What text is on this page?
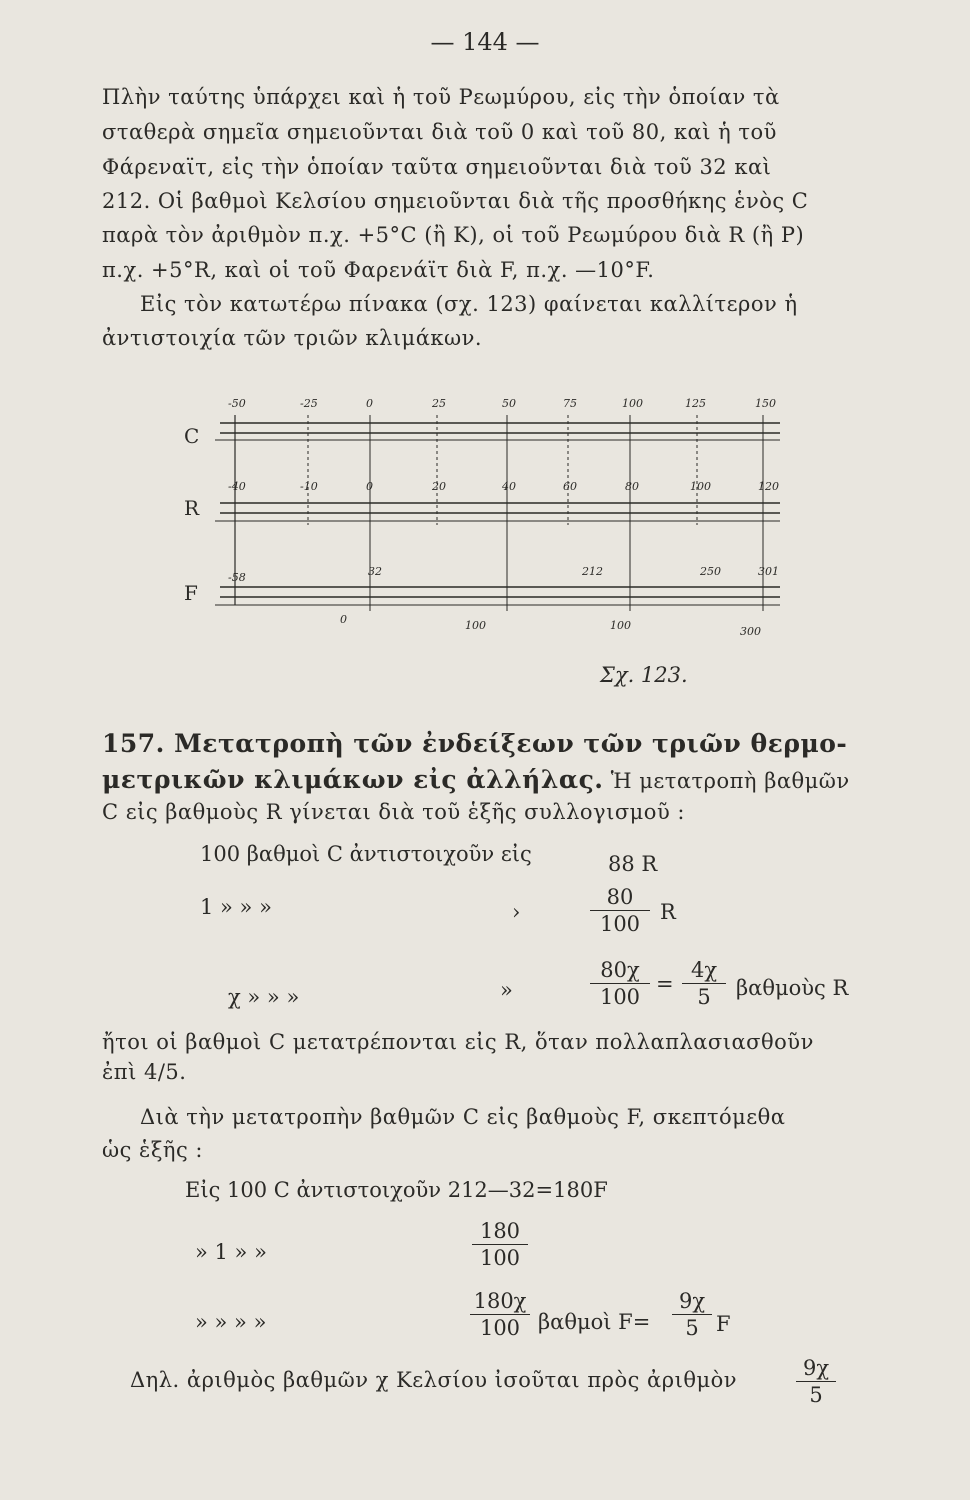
— 144 —
Πλὴν ταύτης ὑπάρχει καὶ ἡ τοῦ Ρεωμύρου, εἰς τὴν ὁποίαν τὰ
σταθερὰ σημεῖα σημειοῦνται διὰ τοῦ 0 καὶ τοῦ 80, καὶ ἡ τοῦ
Φάρεναϊτ, εἰς τὴν ὁποίαν ταῦτα σημειοῦνται διὰ τοῦ 32 καὶ
212. Οἱ βαθμοὶ Κελσίου σημειοῦνται διὰ τῆς προσθήκης ἑνὸς C
παρὰ τὸν ἀριθμὸν π.χ. +5°C (ἢ K), οἱ τοῦ Ρεωμύρου διὰ R (ἢ P)
π.χ. +5°R, καὶ οἱ τοῦ Φαρενάϊτ διὰ F, π.χ. —10°F.
Εἰς τὸν κατωτέρω πίνακα (σχ. 123) φαίνεται καλλίτερον ἡ
ἀντιστοιχία τῶν τριῶν κλιμάκων.
C
R
F
-50	-25	0	25	50	75	100	125	150
-40	-10	0	20	40	60	80	100	120
-58	32	212	250	301
0	100	100	300
Σχ. 123.
157. Μετατροπὴ τῶν ἐνδείξεων τῶν τριῶν θερμο-
μετρικῶν κλιμάκων εἰς ἀλλήλας. Ἡ μετατροπὴ βαθμῶν
C εἰς βαθμοὺς R γίνεται διὰ τοῦ ἑξῆς συλλογισμοῦ :
100 βαθμοὶ C ἀντιστοιχοῦν εἰς	88 R
1 » » »	›	$\frac{80}{100}$ R
χ » » »	»	$\frac{80\chi}{100} = \frac{4\chi}{5}$ βαθμοὺς R
ἤτοι οἱ βαθμοὶ C μετατρέπονται εἰς R, ὅταν πολλαπλασιασθοῦν
ἐπὶ 4/5.
Διὰ τὴν μετατροπὴν βαθμῶν C εἰς βαθμοὺς F, σκεπτόμεθα
ὡς ἑξῆς :
Εἰς 100 C ἀντιστοιχοῦν 212—32=180F
» 1 » »	$\frac{180}{100}$
» » » »	$\frac{180\chi}{100}$ βαθμοὶ $F= \frac{9\chi}{5}$ F
Δηλ. ἀριθμὸς βαθμῶν χ Κελσίου ἰσοῦται πρὸς ἀριθμὸν	$\frac{9\chi}{5}$
